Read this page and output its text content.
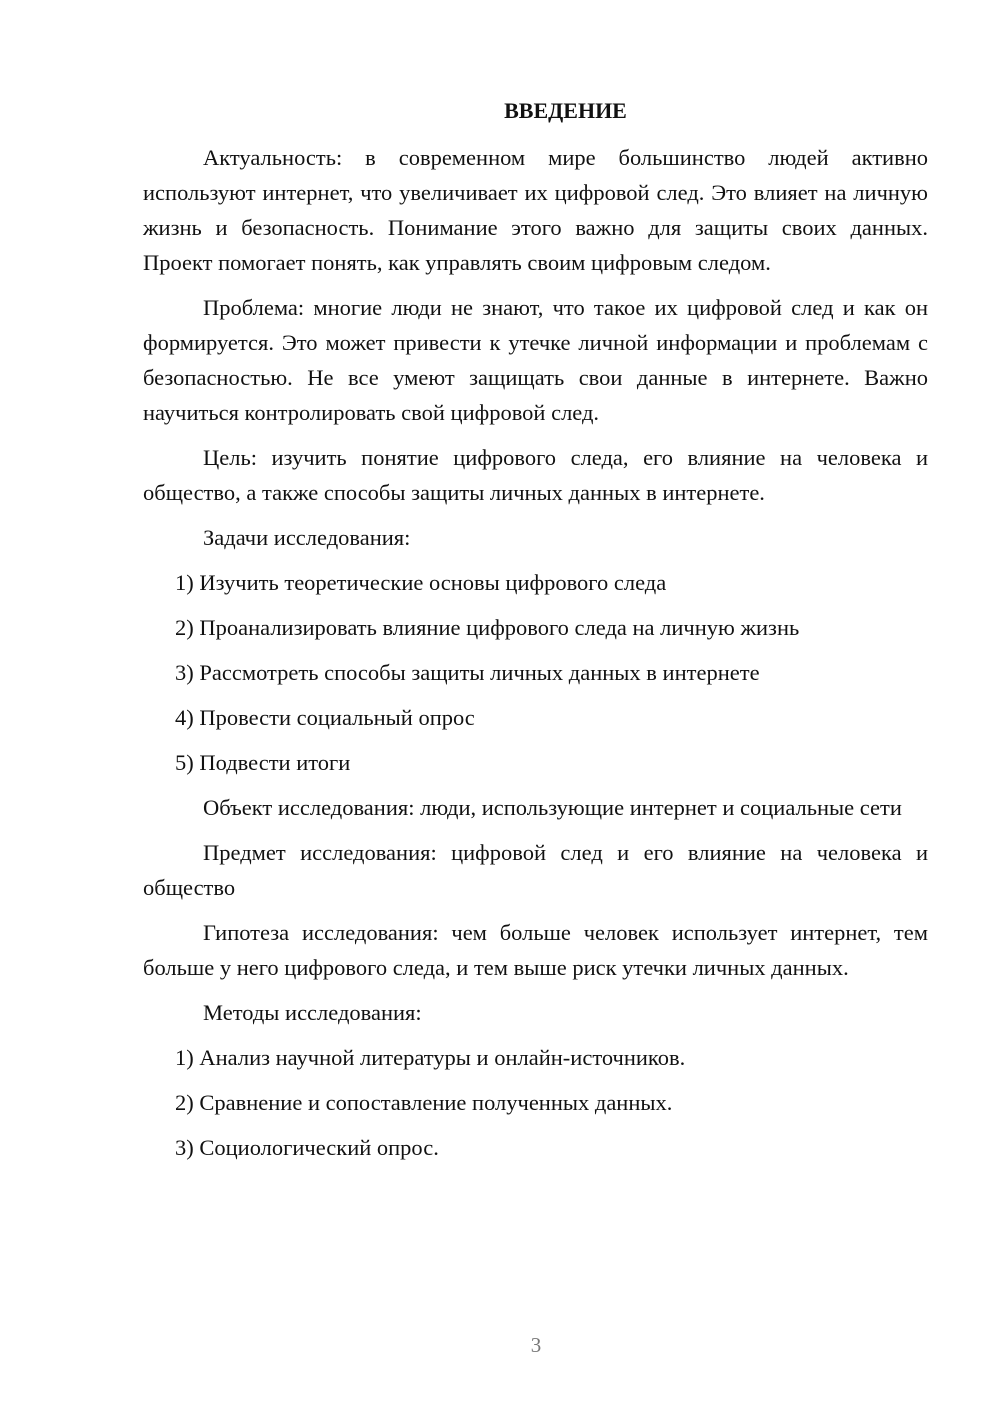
ВВЕДЕНИЕ

Актуальность: в современном мире большинство людей активно используют интернет, что увеличивает их цифровой след. Это влияет на личную жизнь и безопасность. Понимание этого важно для защиты своих данных. Проект помогает понять, как управлять своим цифровым следом.

Проблема: многие люди не знают, что такое их цифровой след и как он формируется. Это может привести к утечке личной информации и проблемам с безопасностью. Не все умеют защищать свои данные в интернете. Важно научиться контролировать свой цифровой след.

Цель: изучить понятие цифрового следа, его влияние на человека и общество, а также способы защиты личных данных в интернете.

Задачи исследования:

1) Изучить теоретические основы цифрового следа
2) Проанализировать влияние цифрового следа на личную жизнь
3) Рассмотреть способы защиты личных данных в интернете
4) Провести социальный опрос
5) Подвести итоги

Объект исследования: люди, использующие интернет и социальные сети

Предмет исследования: цифровой след и его влияние на человека и общество

Гипотеза исследования: чем больше человек использует интернет, тем больше у него цифрового следа, и тем выше риск утечки личных данных.

Методы исследования:

1) Анализ научной литературы и онлайн-источников.
2) Сравнение и сопоставление полученных данных.
3) Социологический опрос.
3
